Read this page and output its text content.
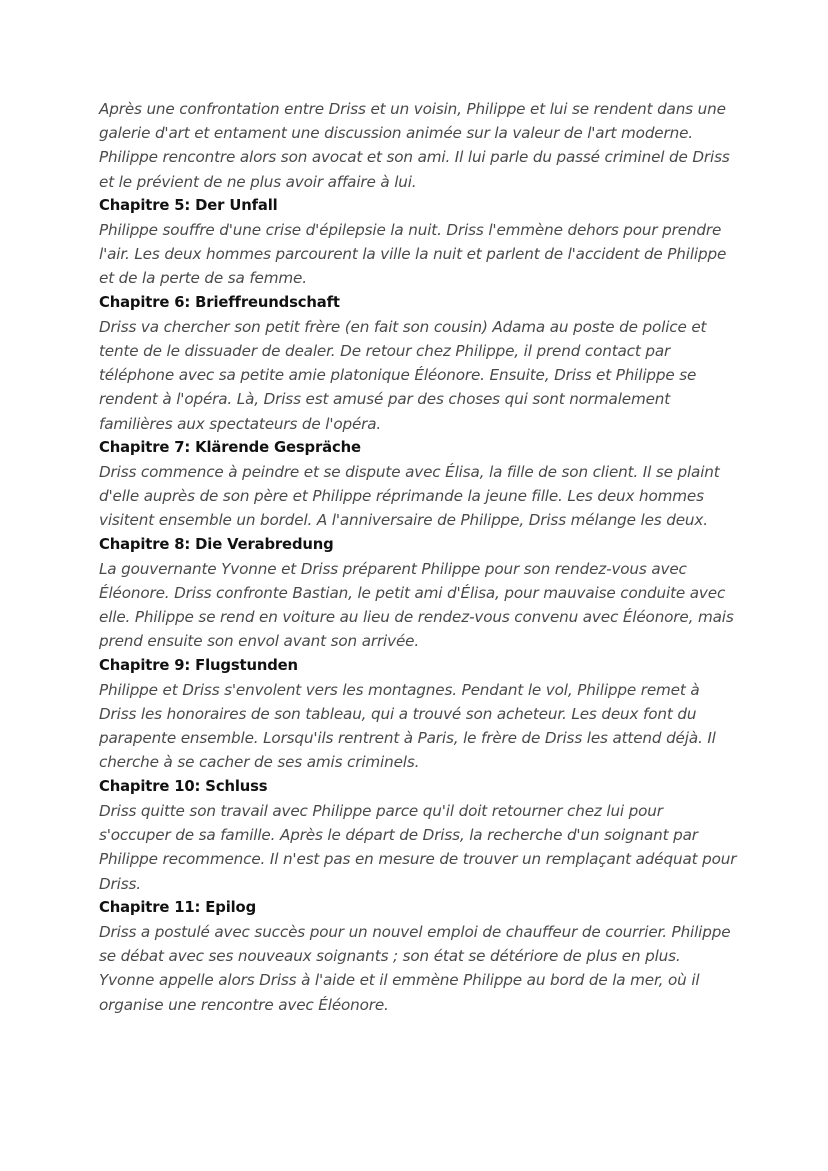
Après une confrontation entre Driss et un voisin, Philippe et lui se rendent dans une galerie d'art et entament une discussion animée sur la valeur de l'art moderne. Philippe rencontre alors son avocat et son ami. Il lui parle du passé criminel de Driss et le prévient de ne plus avoir affaire à lui.

Chapitre 5: Der Unfall

Philippe souffre d'une crise d'épilepsie la nuit. Driss l'emmène dehors pour prendre l'air. Les deux hommes parcourent la ville la nuit et parlent de l'accident de Philippe et de la perte de sa femme.

Chapitre 6: Brieffreundschaft

Driss va chercher son petit frère (en fait son cousin) Adama au poste de police et tente de le dissuader de dealer. De retour chez Philippe, il prend contact par téléphone avec sa petite amie platonique Éléonore. Ensuite, Driss et Philippe se rendent à l'opéra. Là, Driss est amusé par des choses qui sont normalement familières aux spectateurs de l'opéra.

Chapitre 7: Klärende Gespräche

Driss commence à peindre et se dispute avec Élisa, la fille de son client. Il se plaint d'elle auprès de son père et Philippe réprimande la jeune fille. Les deux hommes visitent ensemble un bordel. A l'anniversaire de Philippe, Driss mélange les deux.

Chapitre 8: Die Verabredung

La gouvernante Yvonne et Driss préparent Philippe pour son rendez-vous avec Éléonore. Driss confronte Bastian, le petit ami d'Élisa, pour mauvaise conduite avec elle. Philippe se rend en voiture au lieu de rendez-vous convenu avec Éléonore, mais prend ensuite son envol avant son arrivée.

Chapitre 9: Flugstunden

Philippe et Driss s'envolent vers les montagnes. Pendant le vol, Philippe remet à Driss les honoraires de son tableau, qui a trouvé son acheteur. Les deux font du parapente ensemble. Lorsqu'ils rentrent à Paris, le frère de Driss les attend déjà. Il cherche à se cacher de ses amis criminels.

Chapitre 10: Schluss

Driss quitte son travail avec Philippe parce qu'il doit retourner chez lui pour s'occuper de sa famille. Après le départ de Driss, la recherche d'un soignant par Philippe recommence. Il n'est pas en mesure de trouver un remplaçant adéquat pour Driss.

Chapitre 11: Epilog

Driss a postulé avec succès pour un nouvel emploi de chauffeur de courrier. Philippe se débat avec ses nouveaux soignants ; son état se détériore de plus en plus. Yvonne appelle alors Driss à l'aide et il emmène Philippe au bord de la mer, où il organise une rencontre avec Éléonore.
